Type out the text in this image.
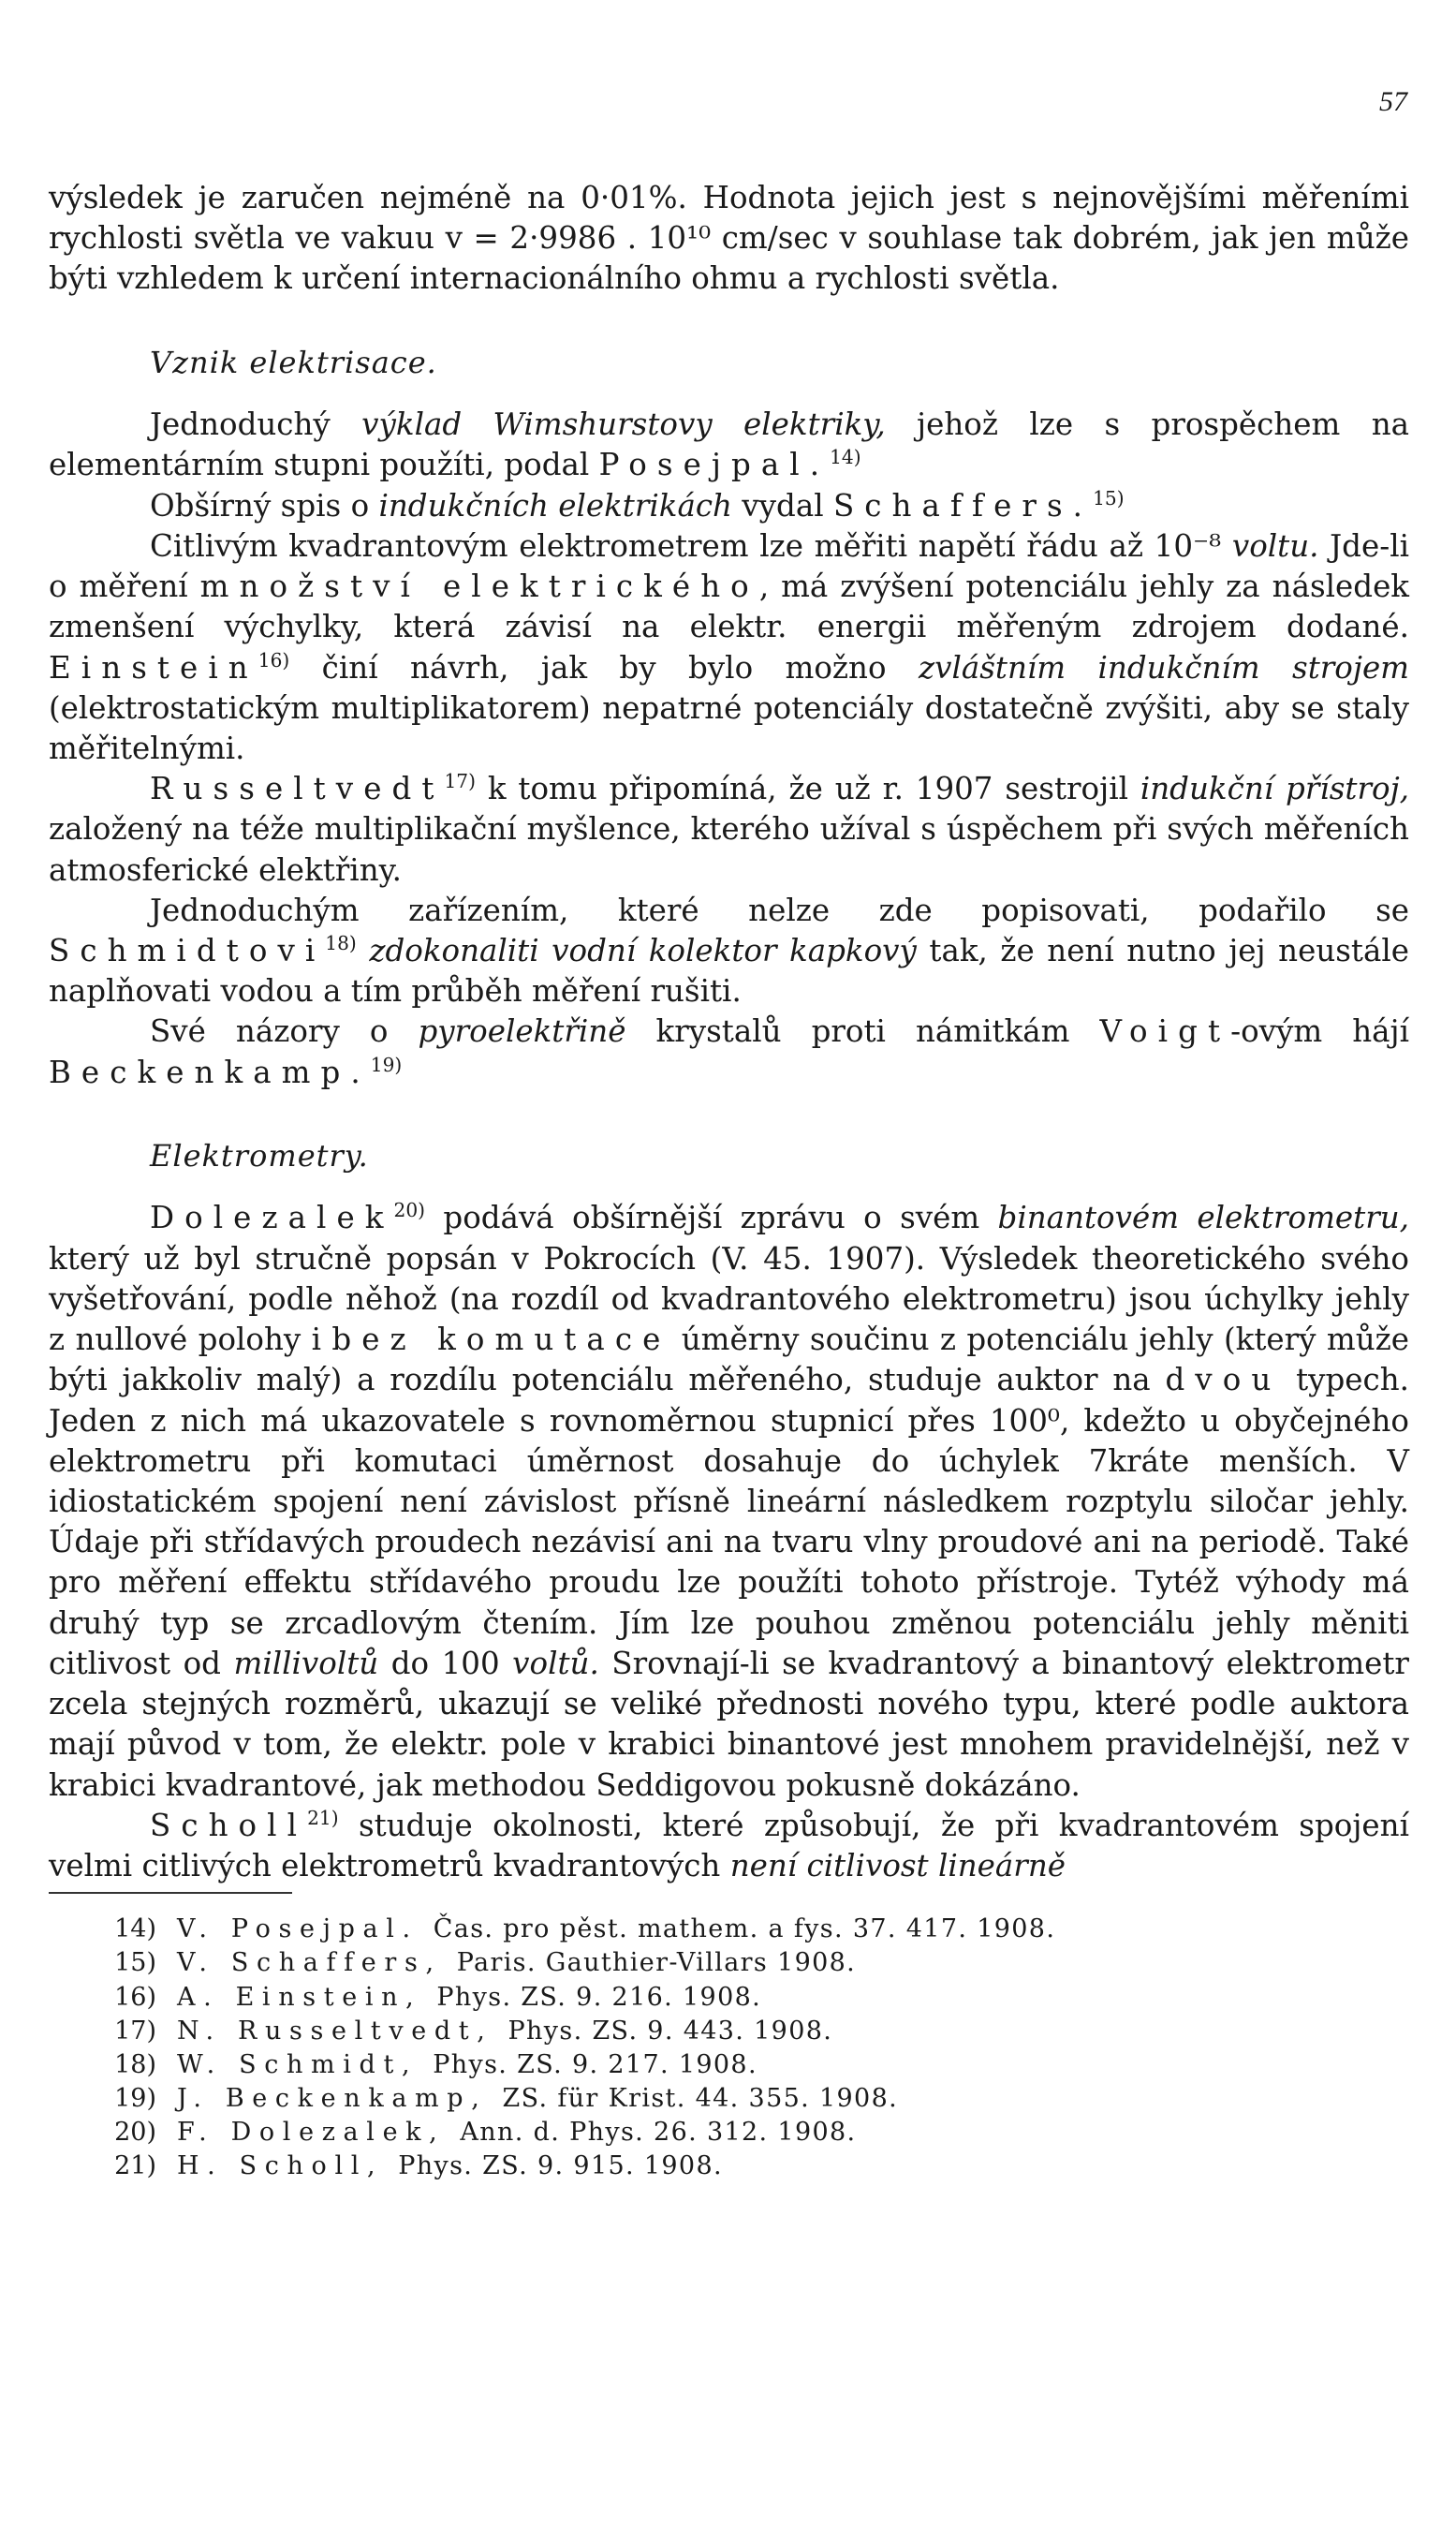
57

výsledek je zaručen nejméně na 0·01%. Hodnota jejich jest s nejnovějšími měřeními rychlosti světla ve vakuu v = 2·9986 . 10¹⁰ cm/sec v souhlase tak dobrém, jak jen může býti vzhledem k určení internacionálního ohmu a rychlosti světla.

Vznik elektrisace.

Jednoduchý výklad Wimshurstovy elektriky, jehož lze s prospěchem na elementárním stupni použíti, podal Posejpal.$^{14)}$

Obšírný spis o indukčních elektrikách vydal Schaffers.$^{15)}$

Citlivým kvadrantovým elektrometrem lze měřiti napětí řádu až 10⁻⁸ voltu. Jde-li o měření množství elektrického, má zvýšení potenciálu jehly za následek zmenšení výchylky, která závisí na elektr. energii měřeným zdrojem dodané. Einstein$^{16)}$ činí návrh, jak by bylo možno zvláštním indukčním strojem (elektrostatickým multiplikatorem) nepatrné potenciály dostatečně zvýšiti, aby se staly měřitelnými.

Russeltvedt$^{17)}$ k tomu připomíná, že už r. 1907 sestrojil indukční přístroj, založený na téže multiplikační myšlence, kterého užíval s úspěchem při svých měřeních atmosferické elektřiny.

Jednoduchým zařízením, které nelze zde popisovati, podařilo se Schmidtovi$^{18)}$ zdokonaliti vodní kolektor kapkový tak, že není nutno jej neustále naplňovati vodou a tím průběh měření rušiti.

Své názory o pyroelektřině krystalů proti námitkám Voigt-ovým hájí Beckenkamp.$^{19)}$

Elektrometry.

Dolezalek$^{20)}$ podává obšírnější zprávu o svém binantovém elektrometru, který už byl stručně popsán v Pokrocích (V. 45. 1907). Výsledek theoretického svého vyšetřování, podle něhož (na rozdíl od kvadrantového elektrometru) jsou úchylky jehly z nullové polohy i bez komutace úměrny součinu z potenciálu jehly (který může býti jakkoliv malý) a rozdílu potenciálu měřeného, studuje auktor na dvou typech. Jeden z nich má ukazovatele s rovnoměrnou stupnicí přes 100⁰, kdežto u obyčejného elektrometru při komutaci úměrnost dosahuje do úchylek 7kráte menších. V idiostatickém spojení není závislost přísně lineární následkem rozptylu siločar jehly. Údaje při střídavých proudech nezávisí ani na tvaru vlny proudové ani na periodě. Také pro měření effektu střídavého proudu lze použíti tohoto přístroje. Tytéž výhody má druhý typ se zrcadlovým čtením. Jím lze pouhou změnou potenciálu jehly měniti citlivost od millivoltů do 100 voltů. Srovnají-li se kvadrantový a binantový elektrometr zcela stejných rozměrů, ukazují se veliké přednosti nového typu, které podle auktora mají původ v tom, že elektr. pole v krabici binantové jest mnohem pravidelnější, než v krabici kvadrantové, jak methodou Seddigovou pokusně dokázáno.

Scholl$^{21)}$ studuje okolnosti, které způsobují, že při kvadrantovém spojení velmi citlivých elektrometrů kvadrantových není citlivost lineárně

14) V. Posejpal. Čas. pro pěst. mathem. a fys. 37. 417. 1908.
15) V. Schaffers, Paris. Gauthier-Villars 1908.
16) A. Einstein, Phys. ZS. 9. 216. 1908.
17) N. Russeltvedt, Phys. ZS. 9. 443. 1908.
18) W. Schmidt, Phys. ZS. 9. 217. 1908.
19) J. Beckenkamp, ZS. für Krist. 44. 355. 1908.
20) F. Dolezalek, Ann. d. Phys. 26. 312. 1908.
21) H. Scholl, Phys. ZS. 9. 915. 1908.
